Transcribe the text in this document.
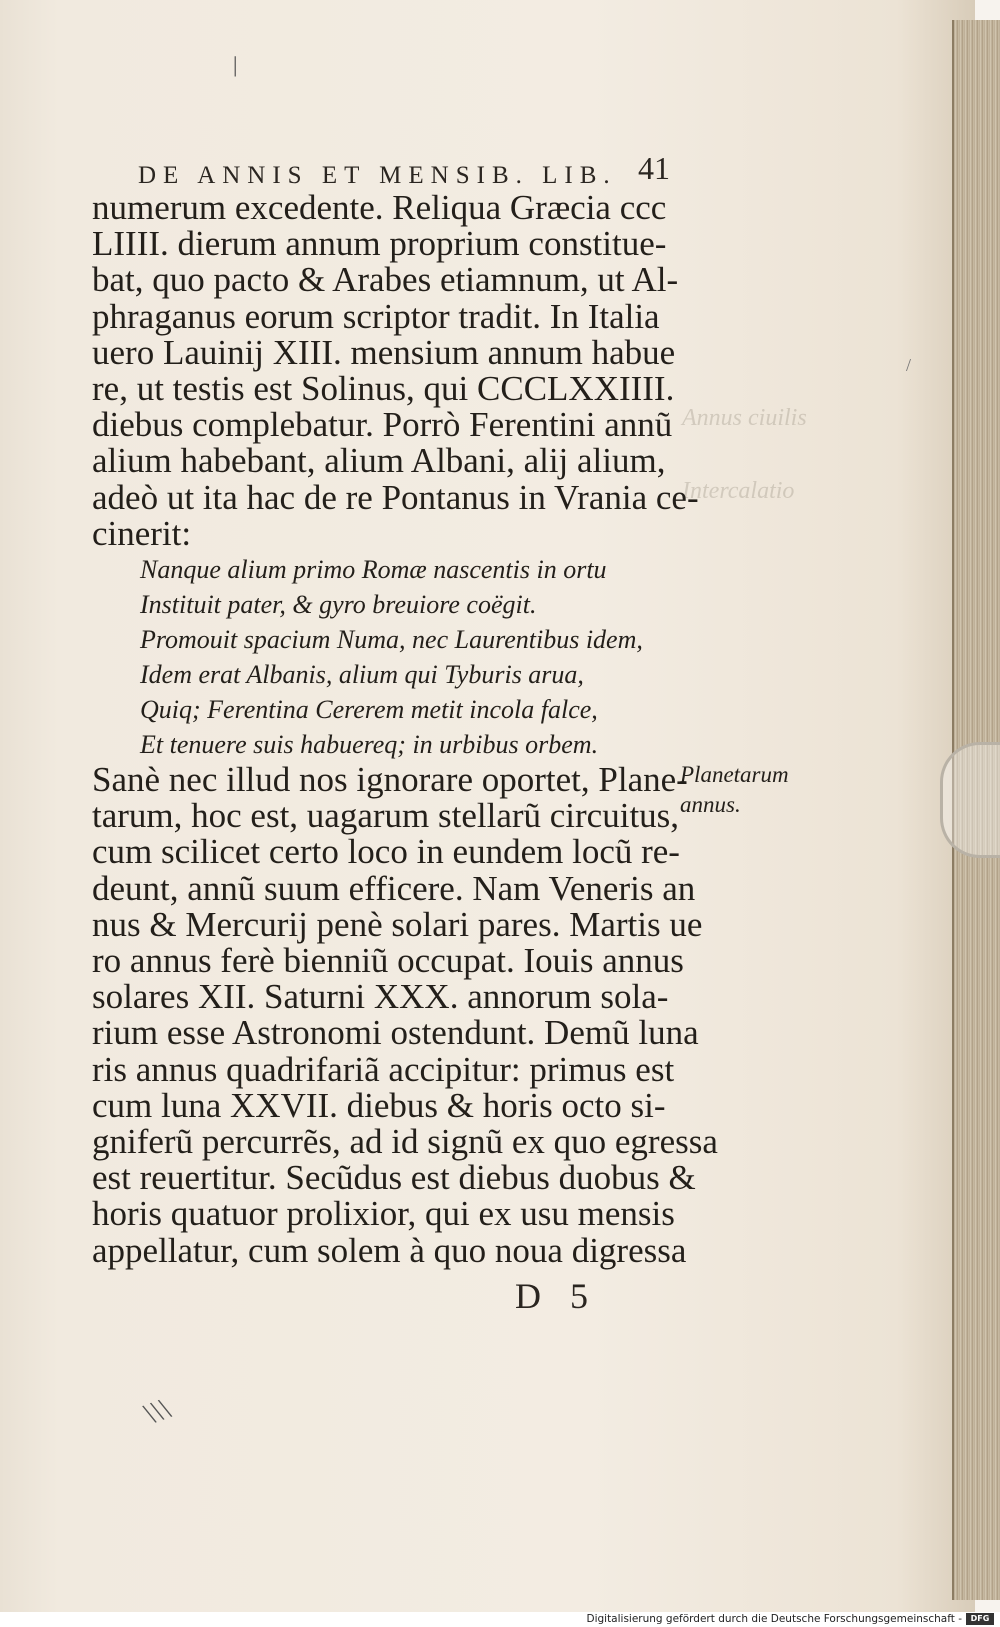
|
Annus ciuilis
Intercalatio
DE ANNIS ET MENSIB. LIB. 41
numerum excedente. Reliqua Græcia ccc
LIIII. dierum annum proprium constitue-
bat, quo pacto & Arabes etiamnum, ut Al-
phraganus eorum scriptor tradit. In Italia
uero Lauinij XIII. mensium annum habue
re, ut testis est Solinus, qui CCCLXXIIII.
diebus complebatur. Porrò Ferentini annũ
alium habebant, alium Albani, alij alium,
adeò ut ita hac de re Pontanus in Vrania ce-
cinerit:
Nanque alium primo Romæ nascentis in ortu
Instituit pater, & gyro breuiore coëgit.
Promouit spacium Numa, nec Laurentibus idem,
Idem erat Albanis, alium qui Tyburis arua,
Quiq; Ferentina Cererem metit incola falce,
Et tenuere suis habuereq; in urbibus orbem.
Sanè nec illud nos ignorare oportet, Plane-
tarum, hoc est, uagarum stellarũ circuitus,
cum scilicet certo loco in eundem locũ re-
deunt, annũ suum efficere. Nam Veneris an
nus & Mercurij penè solari pares. Martis ue
ro annus ferè bienniũ occupat. Iouis annus
solares XII. Saturni XXX. annorum sola-
rium esse Astronomi ostendunt. Demũ luna
ris annus quadrifariã accipitur: primus est
cum luna XXVII. diebus & horis octo si-
gniferũ percurrẽs, ad id signũ ex quo egressa
est reuertitur. Secũdus est diebus duobus &
horis quatuor prolixior, qui ex usu mensis
appellatur, cum solem à quo noua digressa
Planetarum
annus.
D 5
\\\
/
Digitalisierung gefördert durch die Deutsche Forschungsgemeinschaft -	DFG
